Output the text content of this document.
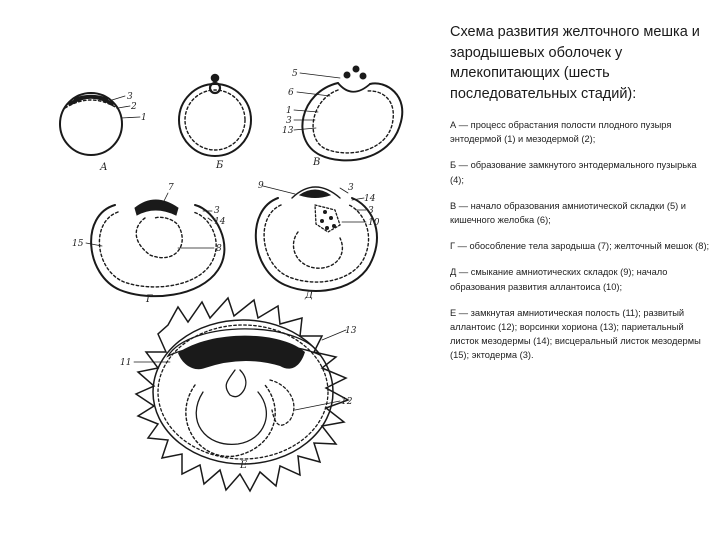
3
2
1
А	Б
5
6
1
3
13
В
7
3
14
15	8
Г
9	3
14
3
10
Д
13
11
12
Е

Схема развития желточного мешка и зародышевых оболочек у млекопитающих (шесть последовательных стадий):

А — процесс обрастания полости плодного пузыря энтодермой (1) и мезодермой (2);

Б — образование замкнутого энтодермального пузырька (4);

В — начало образования амниотической складки (5) и кишечного желобка (6);

Г — обособление тела зародыша (7); желточный мешок (8);

Д — смыкание амниотических складок (9); начало образования развития аллантоиса (10);

Е — замкнутая амниотическая полость (11); развитый аллантоис (12); ворсинки хориона (13); париетальный листок мезодермы (14); висцеральный листок мезодермы (15); эктодерма (3).
